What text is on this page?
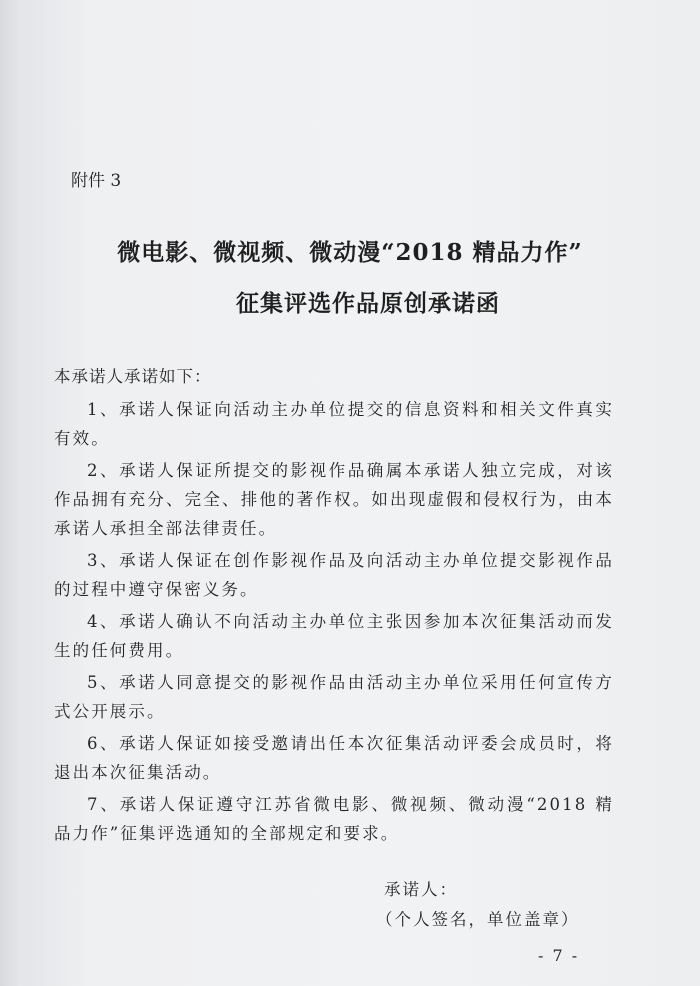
附件 3
微电影、微视频、微动漫“2018 精品力作”
征集评选作品原创承诺函

本承诺人承诺如下：

1、承诺人保证向活动主办单位提交的信息资料和相关文件真实有效。

2、承诺人保证所提交的影视作品确属本承诺人独立完成，对该作品拥有充分、完全、排他的著作权。如出现虚假和侵权行为，由本承诺人承担全部法律责任。

3、承诺人保证在创作影视作品及向活动主办单位提交影视作品的过程中遵守保密义务。

4、承诺人确认不向活动主办单位主张因参加本次征集活动而发生的任何费用。

5、承诺人同意提交的影视作品由活动主办单位采用任何宣传方式公开展示。

6、承诺人保证如接受邀请出任本次征集活动评委会成员时，将退出本次征集活动。

7、承诺人保证遵守江苏省微电影、微视频、微动漫“2018 精品力作”征集评选通知的全部规定和要求。

承诺人：
（个人签名，单位盖章）
- 7 -
